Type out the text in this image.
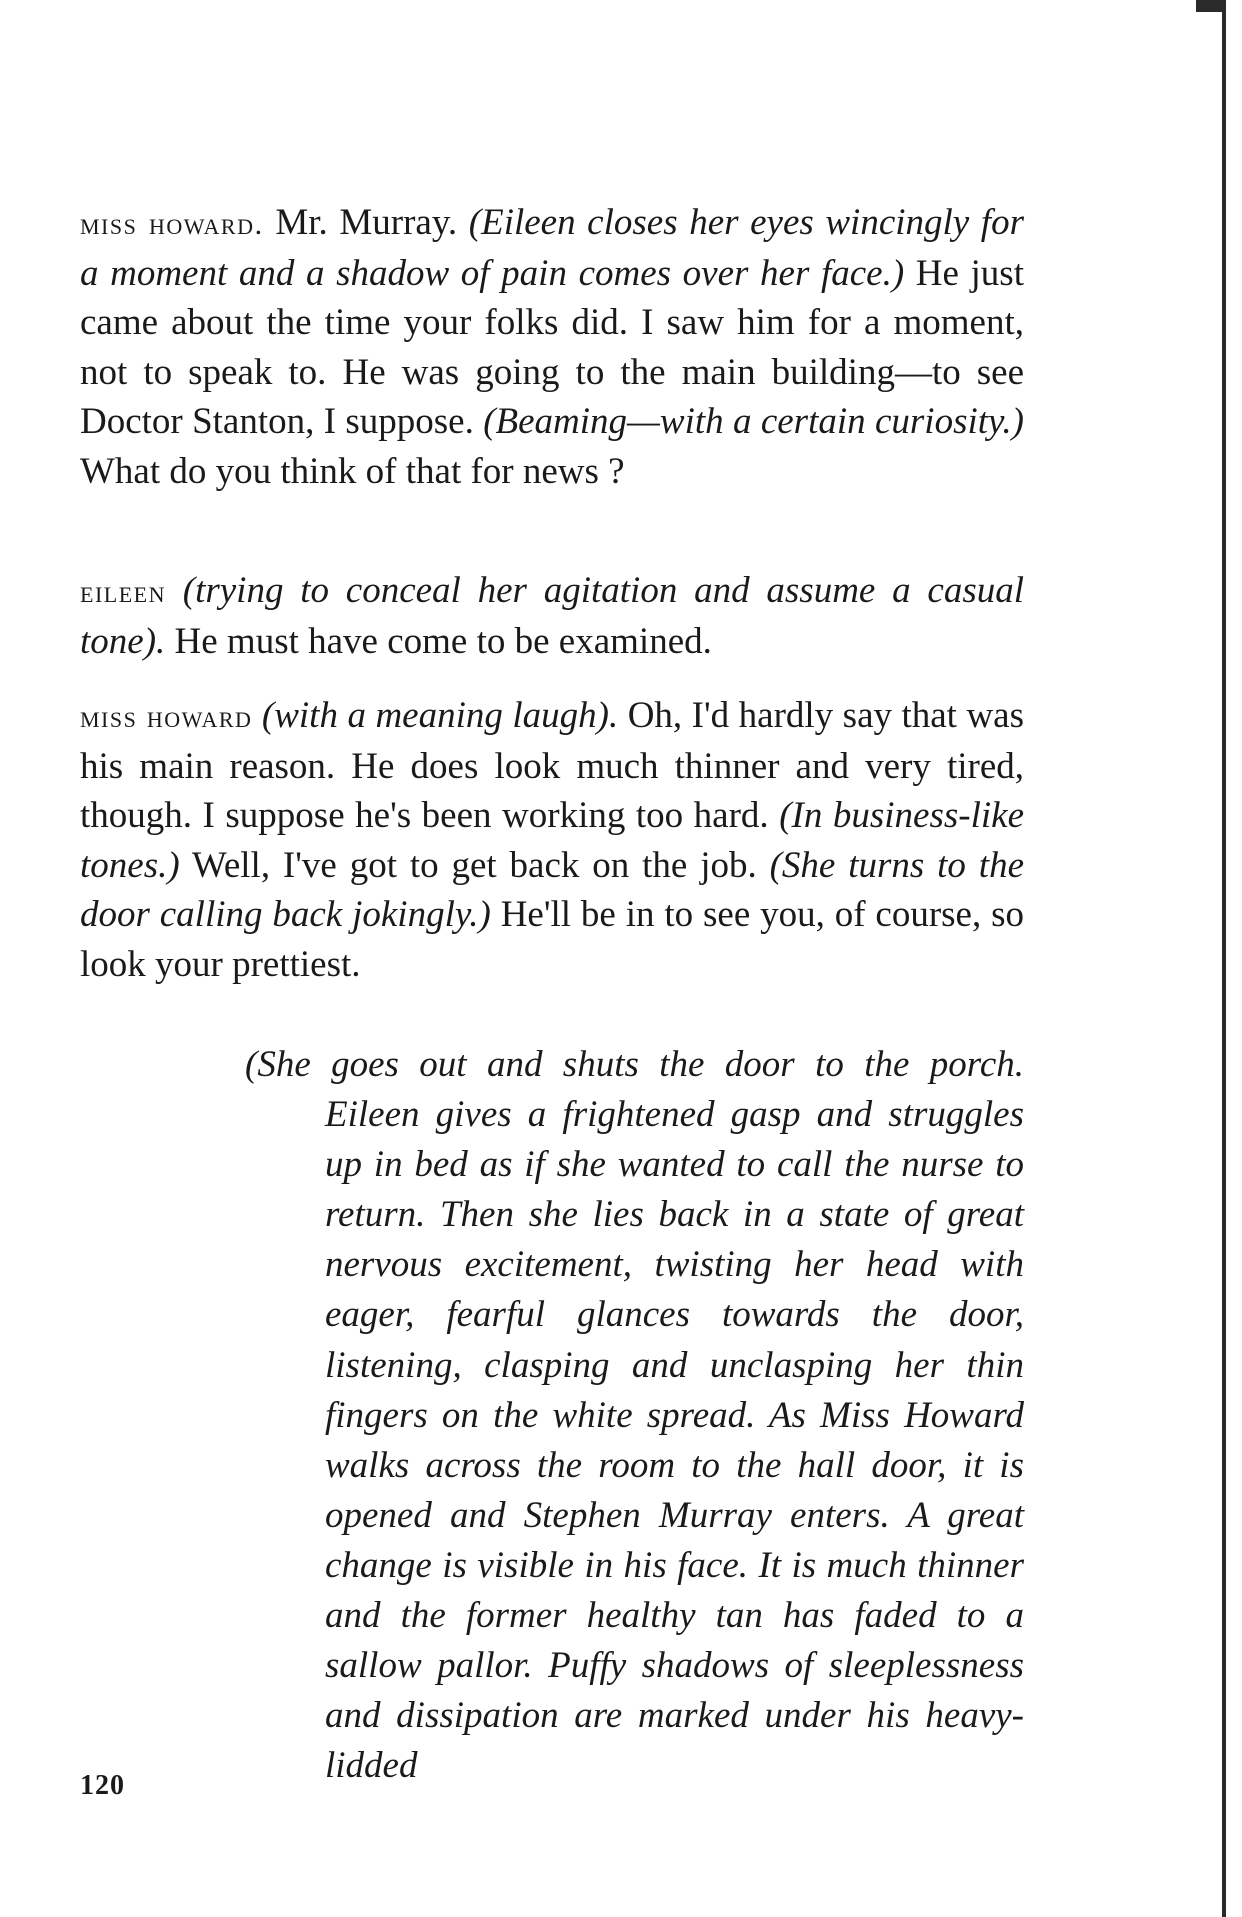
miss howard. Mr. Murray. (Eileen closes her eyes wincingly for a moment and a shadow of pain comes over her face.) He just came about the time your folks did. I saw him for a moment, not to speak to. He was going to the main building—to see Doctor Stanton, I suppose. (Beaming—with a certain curiosity.) What do you think of that for news ?

eileen (trying to conceal her agitation and assume a casual tone). He must have come to be examined.

miss howard (with a meaning laugh). Oh, I'd hardly say that was his main reason. He does look much thinner and very tired, though. I suppose he's been working too hard. (In business-like tones.) Well, I've got to get back on the job. (She turns to the door calling back jokingly.) He'll be in to see you, of course, so look your prettiest.

(She goes out and shuts the door to the porch. Eileen gives a frightened gasp and struggles up in bed as if she wanted to call the nurse to return. Then she lies back in a state of great nervous excitement, twisting her head with eager, fearful glances towards the door, listening, clasping and unclasping her thin fingers on the white spread. As Miss Howard walks across the room to the hall door, it is opened and Stephen Murray enters. A great change is visible in his face. It is much thinner and the former healthy tan has faded to a sallow pallor. Puffy shadows of sleeplessness and dissipation are marked under his heavy-lidded

120
